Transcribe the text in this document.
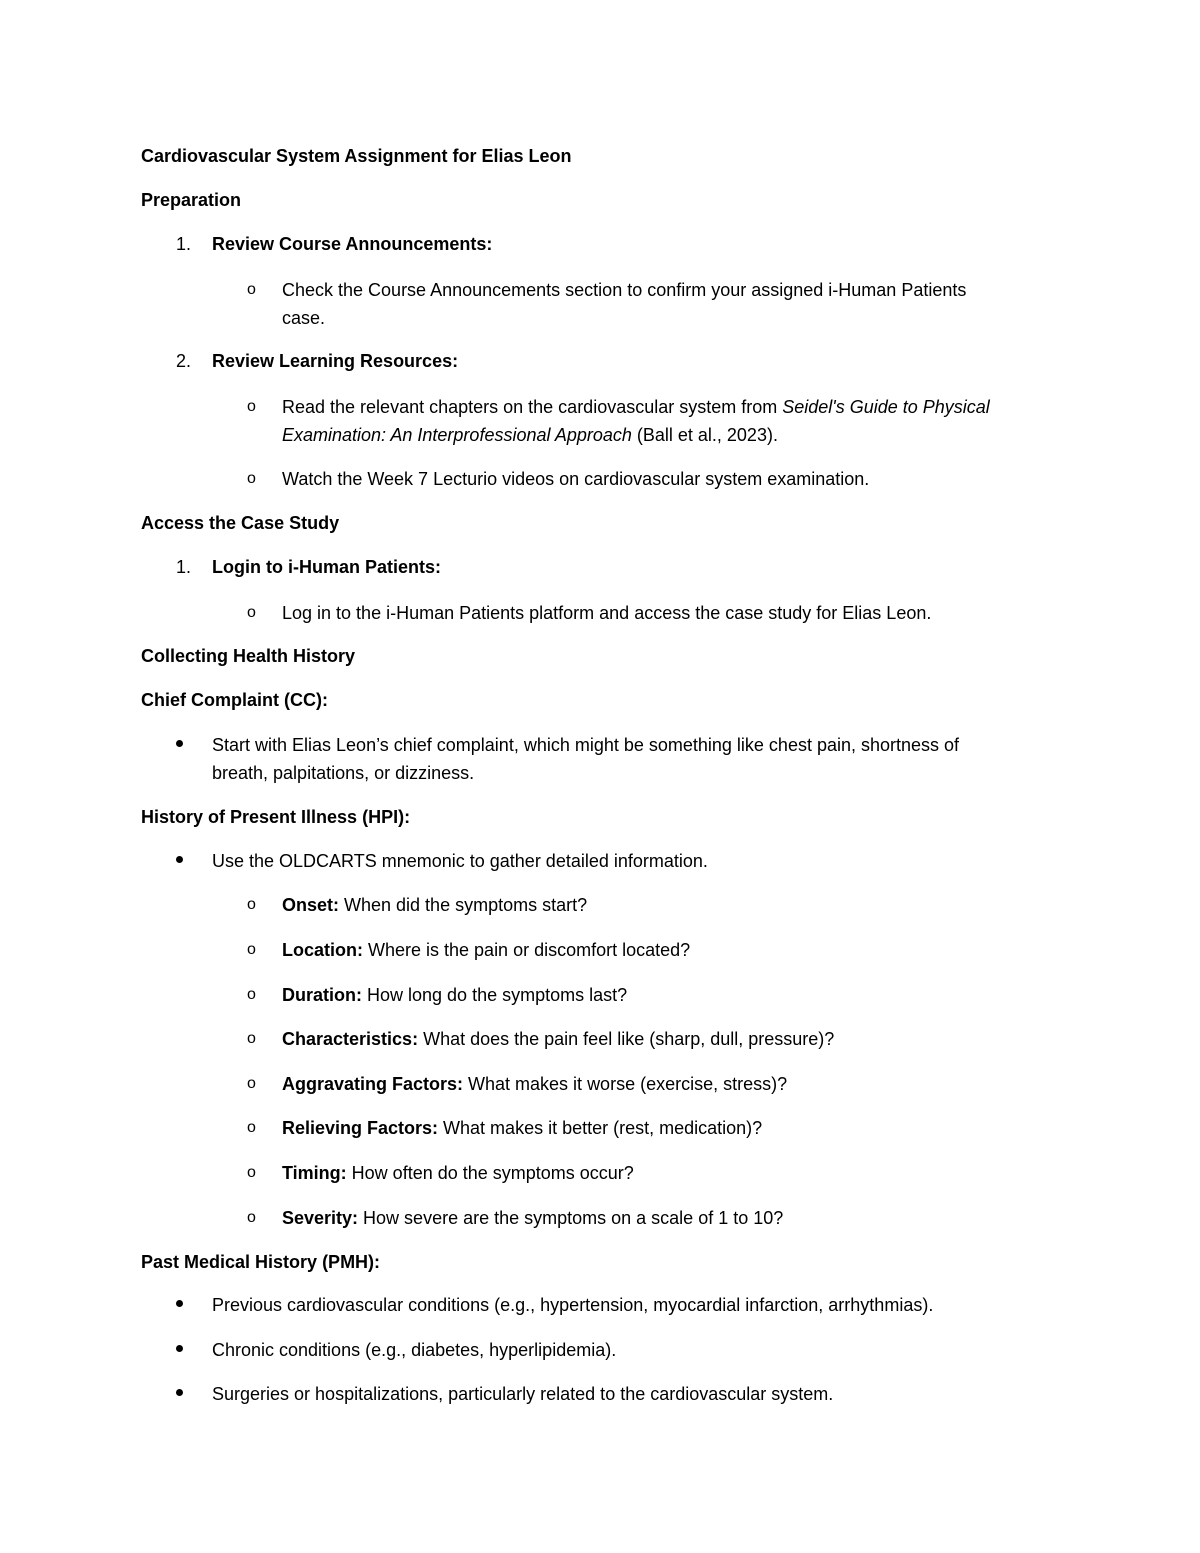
Cardiovascular System Assignment for Elias Leon
Preparation
1. Review Course Announcements:
o Check the Course Announcements section to confirm your assigned i-Human Patients
case.
2. Review Learning Resources:
o Read the relevant chapters on the cardiovascular system from Seidel's Guide to Physical
Examination: An Interprofessional Approach (Ball et al., 2023).
o Watch the Week 7 Lecturio videos on cardiovascular system examination.
Access the Case Study
1. Login to i-Human Patients:
o Log in to the i-Human Patients platform and access the case study for Elias Leon.
Collecting Health History
Chief Complaint (CC):
Start with Elias Leon’s chief complaint, which might be something like chest pain, shortness of
breath, palpitations, or dizziness.
History of Present Illness (HPI):
Use the OLDCARTS mnemonic to gather detailed information.
o Onset: When did the symptoms start?
o Location: Where is the pain or discomfort located?
o Duration: How long do the symptoms last?
o Characteristics: What does the pain feel like (sharp, dull, pressure)?
o Aggravating Factors: What makes it worse (exercise, stress)?
o Relieving Factors: What makes it better (rest, medication)?
o Timing: How often do the symptoms occur?
o Severity: How severe are the symptoms on a scale of 1 to 10?
Past Medical History (PMH):
Previous cardiovascular conditions (e.g., hypertension, myocardial infarction, arrhythmias).
Chronic conditions (e.g., diabetes, hyperlipidemia).
Surgeries or hospitalizations, particularly related to the cardiovascular system.
